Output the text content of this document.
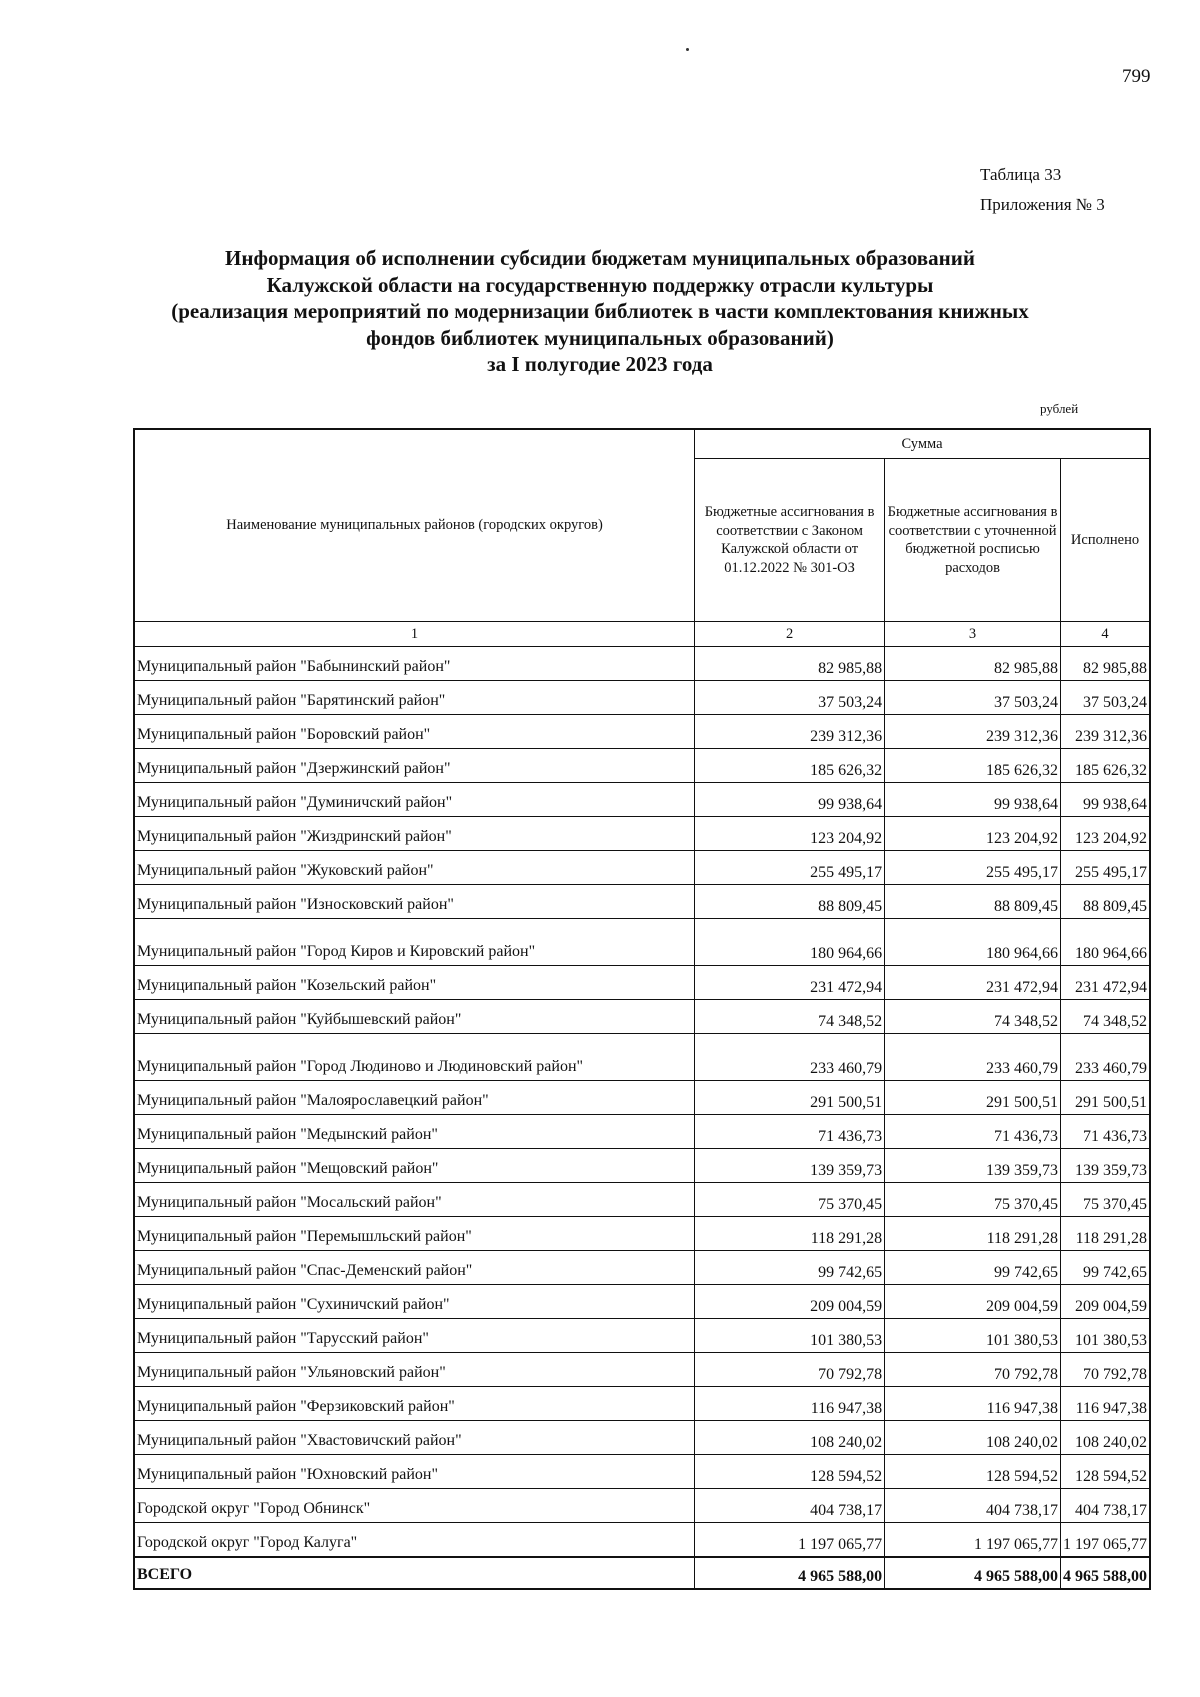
799
Таблица 33
Приложения № 3
Информация об исполнении субсидии бюджетам муниципальных образований
Калужской области на государственную поддержку отрасли культуры
(реализация мероприятий по модернизации библиотек в части комплектования книжных
фондов библиотек муниципальных образований)
за I полугодие 2023 года
рублей
Наименование муниципальных районов (городских округов)	Сумма		
	Бюджетные ассигнования в соответствии с Законом Калужской области от 01.12.2022 № 301-ОЗ	Бюджетные ассигнования в соответствии с уточненной бюджетной росписью расходов	Исполнено
1	2	3	4
Муниципальный район "Бабынинский район"	82 985,88	82 985,88	82 985,88
Муниципальный район "Барятинский район"	37 503,24	37 503,24	37 503,24
Муниципальный район "Боровский район"	239 312,36	239 312,36	239 312,36
Муниципальный район "Дзержинский район"	185 626,32	185 626,32	185 626,32
Муниципальный район "Думиничский район"	99 938,64	99 938,64	99 938,64
Муниципальный район "Жиздринский район"	123 204,92	123 204,92	123 204,92
Муниципальный район "Жуковский район"	255 495,17	255 495,17	255 495,17
Муниципальный район "Износковский район"	88 809,45	88 809,45	88 809,45
Муниципальный район "Город Киров и Кировский район"	180 964,66	180 964,66	180 964,66
Муниципальный район "Козельский район"	231 472,94	231 472,94	231 472,94
Муниципальный район "Куйбышевский район"	74 348,52	74 348,52	74 348,52
Муниципальный район "Город Людиново и Людиновский район"	233 460,79	233 460,79	233 460,79
Муниципальный район "Малоярославецкий район"	291 500,51	291 500,51	291 500,51
Муниципальный район "Медынский район"	71 436,73	71 436,73	71 436,73
Муниципальный район "Мещовский район"	139 359,73	139 359,73	139 359,73
Муниципальный район "Мосальский район"	75 370,45	75 370,45	75 370,45
Муниципальный район "Перемышльский район"	118 291,28	118 291,28	118 291,28
Муниципальный район "Спас-Деменский район"	99 742,65	99 742,65	99 742,65
Муниципальный район "Сухиничский район"	209 004,59	209 004,59	209 004,59
Муниципальный район "Тарусский район"	101 380,53	101 380,53	101 380,53
Муниципальный район "Ульяновский район"	70 792,78	70 792,78	70 792,78
Муниципальный район "Ферзиковский район"	116 947,38	116 947,38	116 947,38
Муниципальный район "Хвастовичский район"	108 240,02	108 240,02	108 240,02
Муниципальный район "Юхновский район"	128 594,52	128 594,52	128 594,52
Городской округ "Город Обнинск"	404 738,17	404 738,17	404 738,17
Городской округ "Город Калуга"	1 197 065,77	1 197 065,77	1 197 065,77
ВСЕГО	4 965 588,00	4 965 588,00	4 965 588,00
